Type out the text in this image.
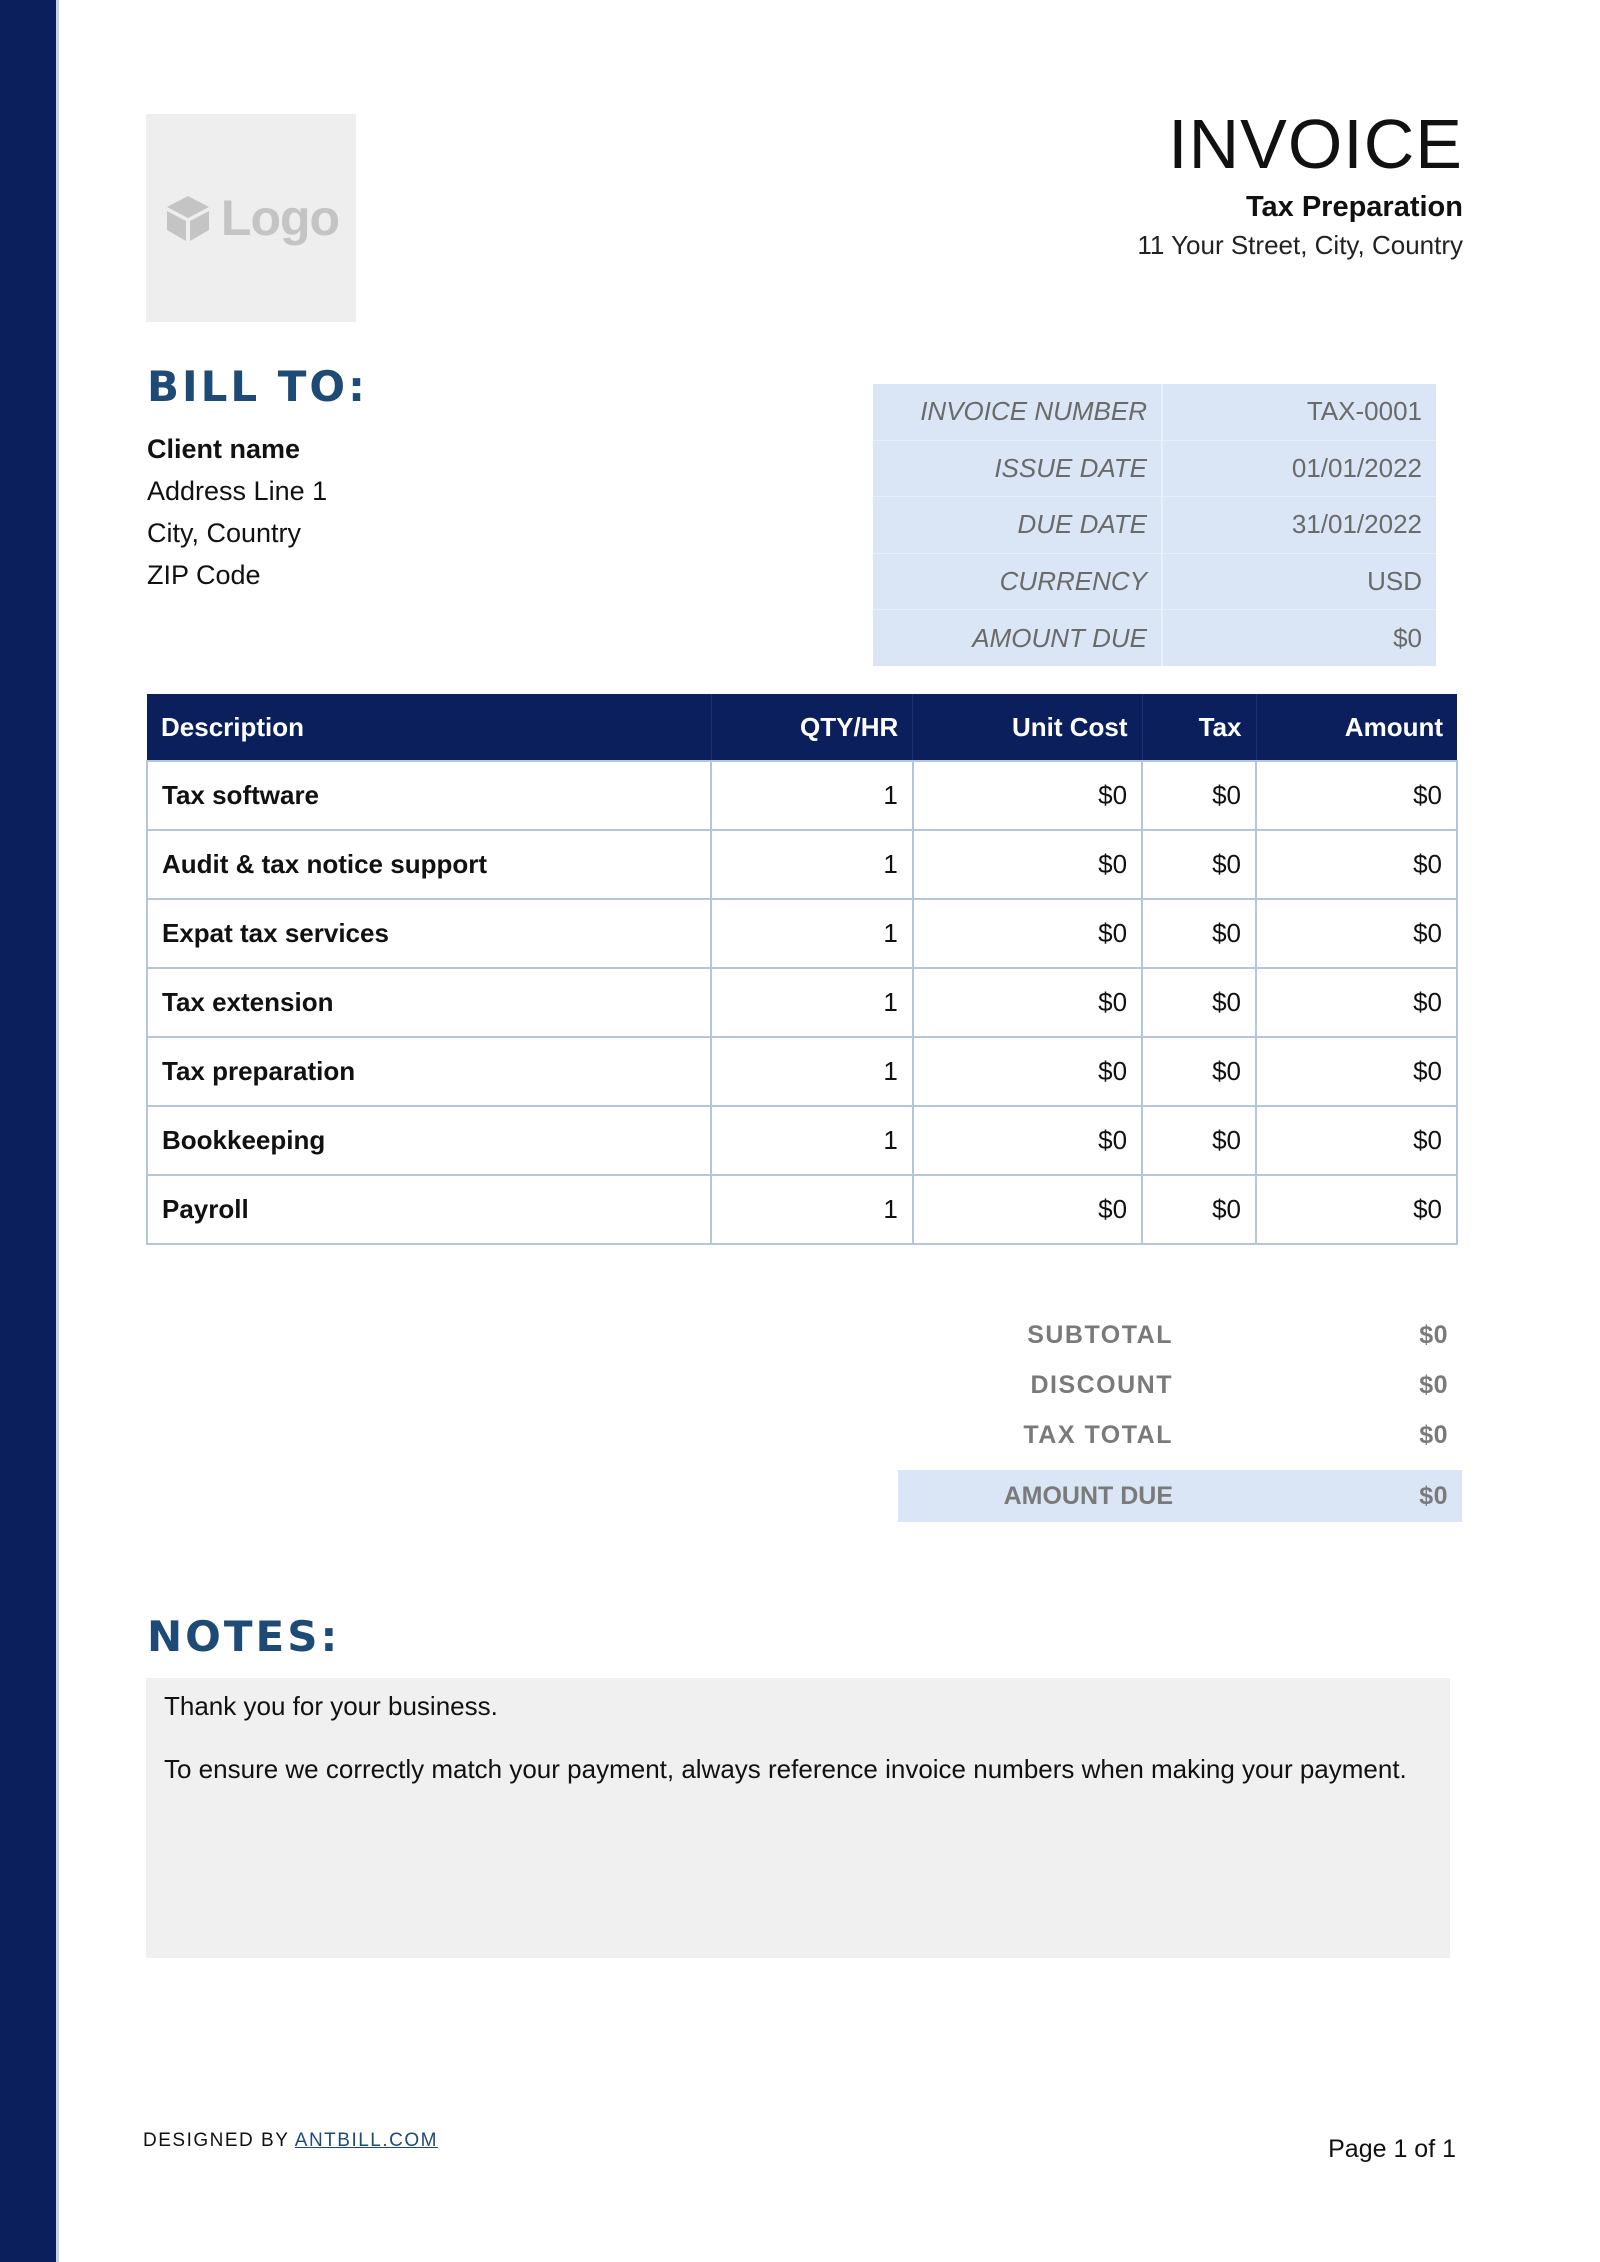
Logo
INVOICE
Tax Preparation
11 Your Street, City, Country
BILL TO:
Client name
Address Line 1
City, Country
ZIP Code
INVOICE NUMBER	TAX-0001
ISSUE DATE	01/01/2022
DUE DATE	31/01/2022
CURRENCY	USD
AMOUNT DUE	$0
Description	QTY/HR	Unit Cost	Tax	Amount
Tax software	1	$0	$0	$0
Audit & tax notice support	1	$0	$0	$0
Expat tax services	1	$0	$0	$0
Tax extension	1	$0	$0	$0
Tax preparation	1	$0	$0	$0
Bookkeeping	1	$0	$0	$0
Payroll	1	$0	$0	$0
SUBTOTAL	$0
DISCOUNT	$0
TAX TOTAL	$0
AMOUNT DUE	$0
NOTES:

Thank you for your business.

To ensure we correctly match your payment, always reference invoice numbers when making your payment.

DESIGNED BY ANTBILL.COM	Page 1 of 1
